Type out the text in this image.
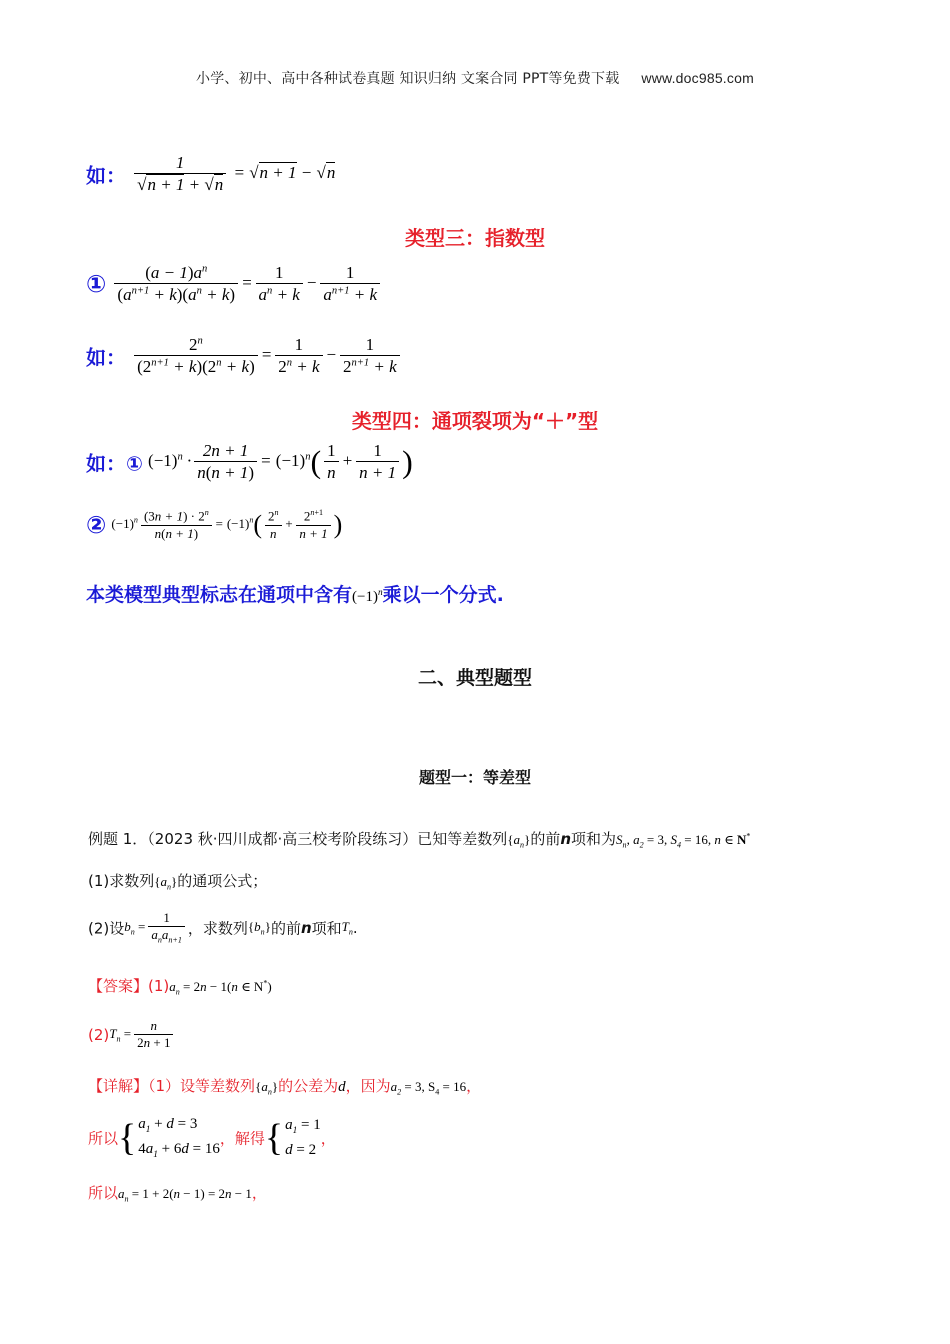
小学、初中、高中各种试卷真题 知识归纳 文案合同 PPT等免费下载 www.doc985.com
如： $\frac{1}{√n + 1 + √n} = √n + 1 - √n$
类型三：指数型
① $\frac{(a - 1)a^n}{(a^{n+1} + k)(a^n + k)} = \frac{1}{a^n + k} - \frac{1}{a^{n+1} + k}$
如： $\frac{2^n}{(2^{n+1} + k)(2^n + k)} = \frac{1}{2^n + k} - \frac{1}{2^{n+1} + k}$
类型四：通项裂项为“＋”型
如：① $(-1)^n \cdot \frac{2n + 1}{n(n + 1)} = (-1)^n( \frac{1}{n} + \frac{1}{n + 1}$ )
② $(-1)^n \frac{(3n + 1) \cdot 2^n}{n(n + 1)} = (-1)^n( \frac{2^n}{n} + \frac{2^{n+1}}{n + 1}$ )
本类模型典型标志在通项中含有$(-1)^n$乘以一个分式.
二、典型题型
题型一：等差型
例题 1．（2023 秋·四川成都·高三校考阶段练习）已知等差数列$\{a_n\}$的前n项和为$S_n$, $a_2 = 3$, $S_4 = 16$, n ∈ N*
(1)求数列$\{a_n\}$的通项公式；
(2)设$b_n = \frac{1}{a_na_{n+1}}$ ，求数列$\{b_n\}$的前n项和$T_n$.
【答案】$(1)a_n = 2n - 1(n$ ∈ N*)
$(2)T_n = \frac{n}{2n + 1}$
【详解】（1）设等差数列$\{a_n\}$的公差为d，因为$a_2 = 3$, $S_4 = 16$，
所以{ $a_1 + d = 3$
$4a_1 + 6d = 16$
，解得{ $a_1 = 1$
d = 2
，
所以$a_n = 1 + 2(n - 1) = 2n - 1$，
